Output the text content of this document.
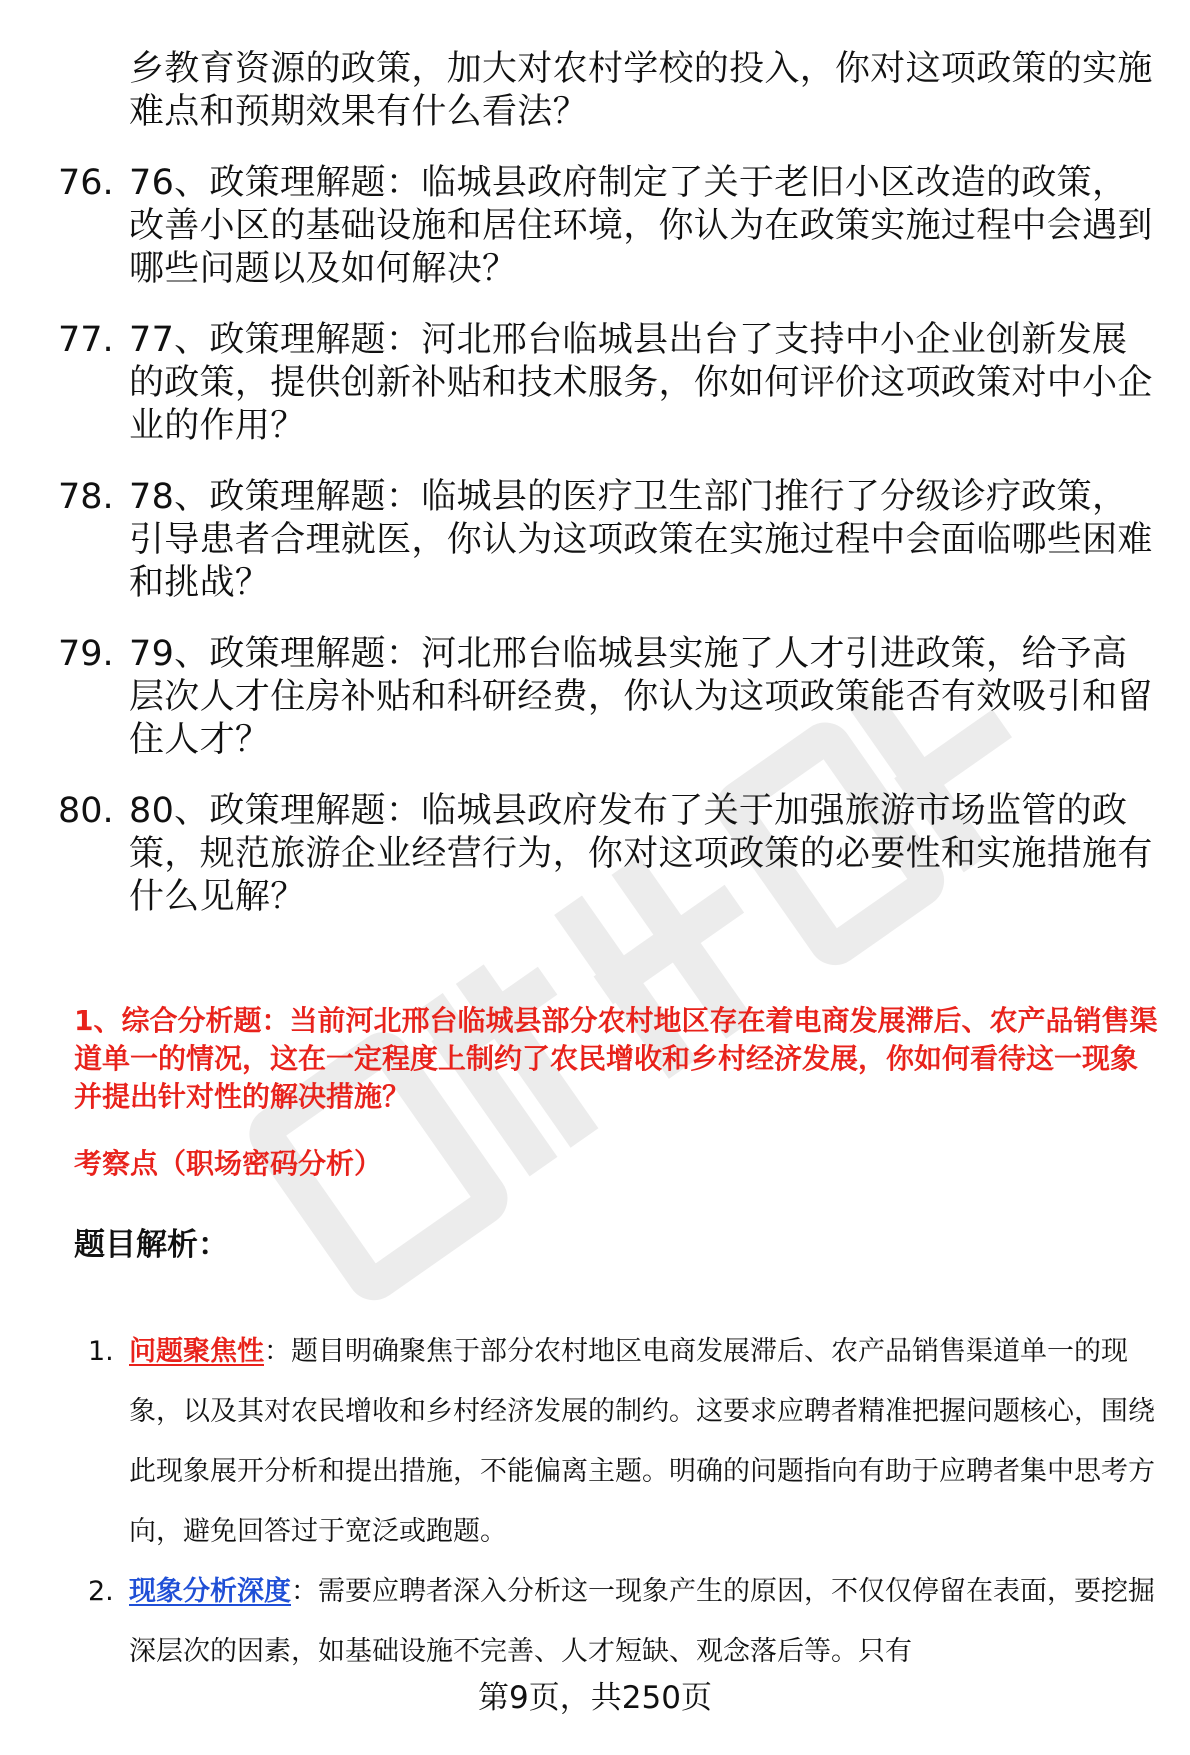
职业规划师
乡教育资源的政策，加大对农村学校的投入，你对这项政策的实施难点和预期效果有什么看法？
76. 76、政策理解题：临城县政府制定了关于老旧小区改造的政策，改善小区的基础设施和居住环境，你认为在政策实施过程中会遇到哪些问题以及如何解决？
77. 77、政策理解题：河北邢台临城县出台了支持中小企业创新发展的政策，提供创新补贴和技术服务，你如何评价这项政策对中小企业的作用？
78. 78、政策理解题：临城县的医疗卫生部门推行了分级诊疗政策，引导患者合理就医，你认为这项政策在实施过程中会面临哪些困难和挑战？
79. 79、政策理解题：河北邢台临城县实施了人才引进政策，给予高层次人才住房补贴和科研经费，你认为这项政策能否有效吸引和留住人才？
80. 80、政策理解题：临城县政府发布了关于加强旅游市场监管的政策，规范旅游企业经营行为，你对这项政策的必要性和实施措施有什么见解？
1、综合分析题：当前河北邢台临城县部分农村地区存在着电商发展滞后、农产品销售渠道单一的情况，这在一定程度上制约了农民增收和乡村经济发展，你如何看待这一现象并提出针对性的解决措施？
考察点（职场密码分析）
题目解析：
1. 问题聚焦性：题目明确聚焦于部分农村地区电商发展滞后、农产品销售渠道单一的现象，以及其对农民增收和乡村经济发展的制约。这要求应聘者精准把握问题核心，围绕此现象展开分析和提出措施，不能偏离主题。明确的问题指向有助于应聘者集中思考方向，避免回答过于宽泛或跑题。
2. 现象分析深度：需要应聘者深入分析这一现象产生的原因，不仅仅停留在表面，要挖掘深层次的因素，如基础设施不完善、人才短缺、观念落后等。只有
第9页，共250页
